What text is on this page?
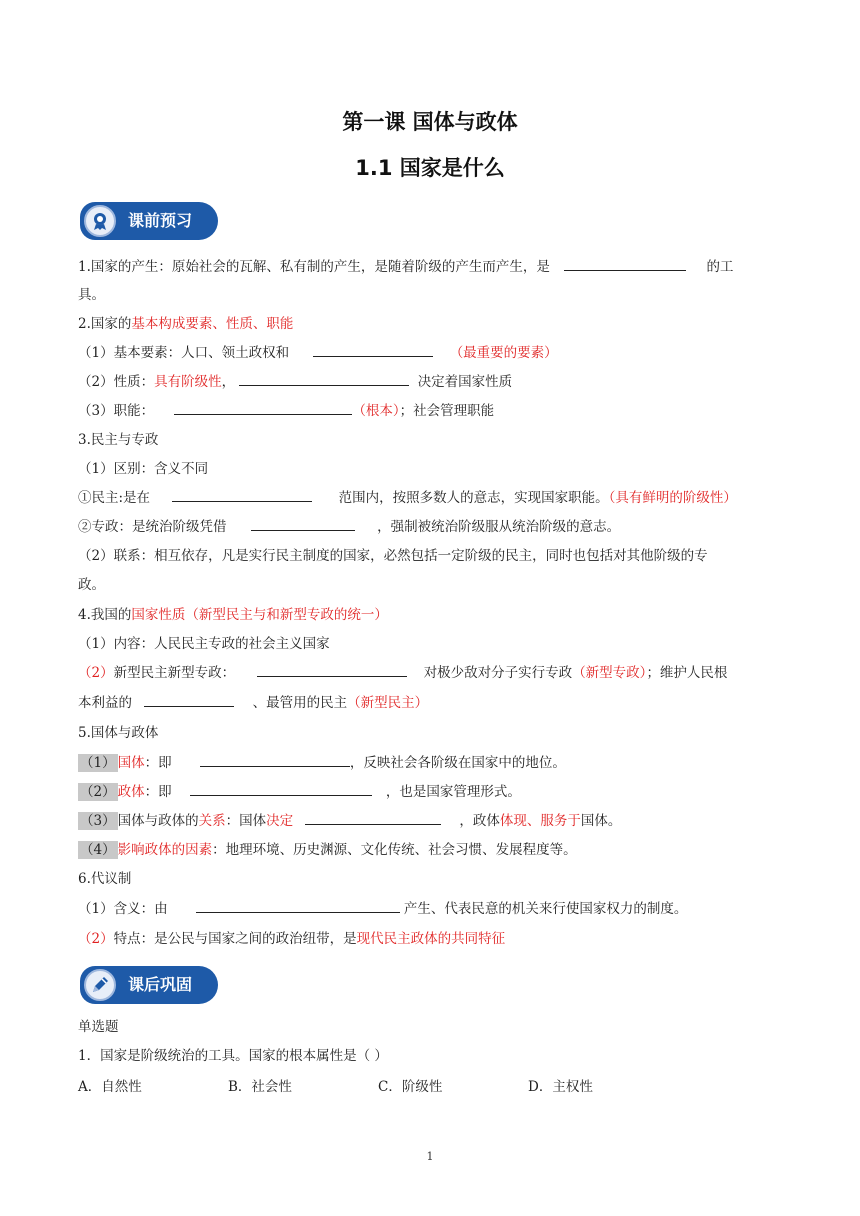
第一课 国体与政体
1.1 国家是什么
课前预习
1.国家的产生：原始社会的瓦解、私有制的产生，是随着阶级的产生而产生，是	的工
具。
2.国家的基本构成要素、性质、职能
（1）基本要素：人口、领土政权和	（最重要的要素）
（2）性质：具有阶级性，	决定着国家性质
（3）职能：	（根本）；社会管理职能
3.民主与专政
（1）区别：含义不同
①民主:是在	范围内，按照多数人的意志，实现国家职能。（具有鲜明的阶级性）
②专政：是统治阶级凭借	，强制被统治阶级服从统治阶级的意志。
（2）联系：相互依存，凡是实行民主制度的国家，必然包括一定阶级的民主，同时也包括对其他阶级的专
政。
4.我国的国家性质（新型民主与和新型专政的统一）
（1）内容：人民民主专政的社会主义国家
（2）新型民主新型专政：	对极少敌对分子实行专政（新型专政）；维护人民根
本利益的	、最管用的民主（新型民主）
5.国体与政体
（1） 国体：即	，反映社会各阶级在国家中的地位。
（2） 政体：即	，也是国家管理形式。
（3） 国体与政体的关系：国体决定	，政体体现、服务于国体。
（4） 影响政体的因素：地理环境、历史渊源、文化传统、社会习惯、发展程度等。
6.代议制
（1）含义：由	产生、代表民意的机关来行使国家权力的制度。
（2）特点：是公民与国家之间的政治纽带，是现代民主政体的共同特征
课后巩固
单选题
1．国家是阶级统治的工具。国家的根本属性是（ ）
A．自然性	B．社会性	C．阶级性	D．主权性
1
